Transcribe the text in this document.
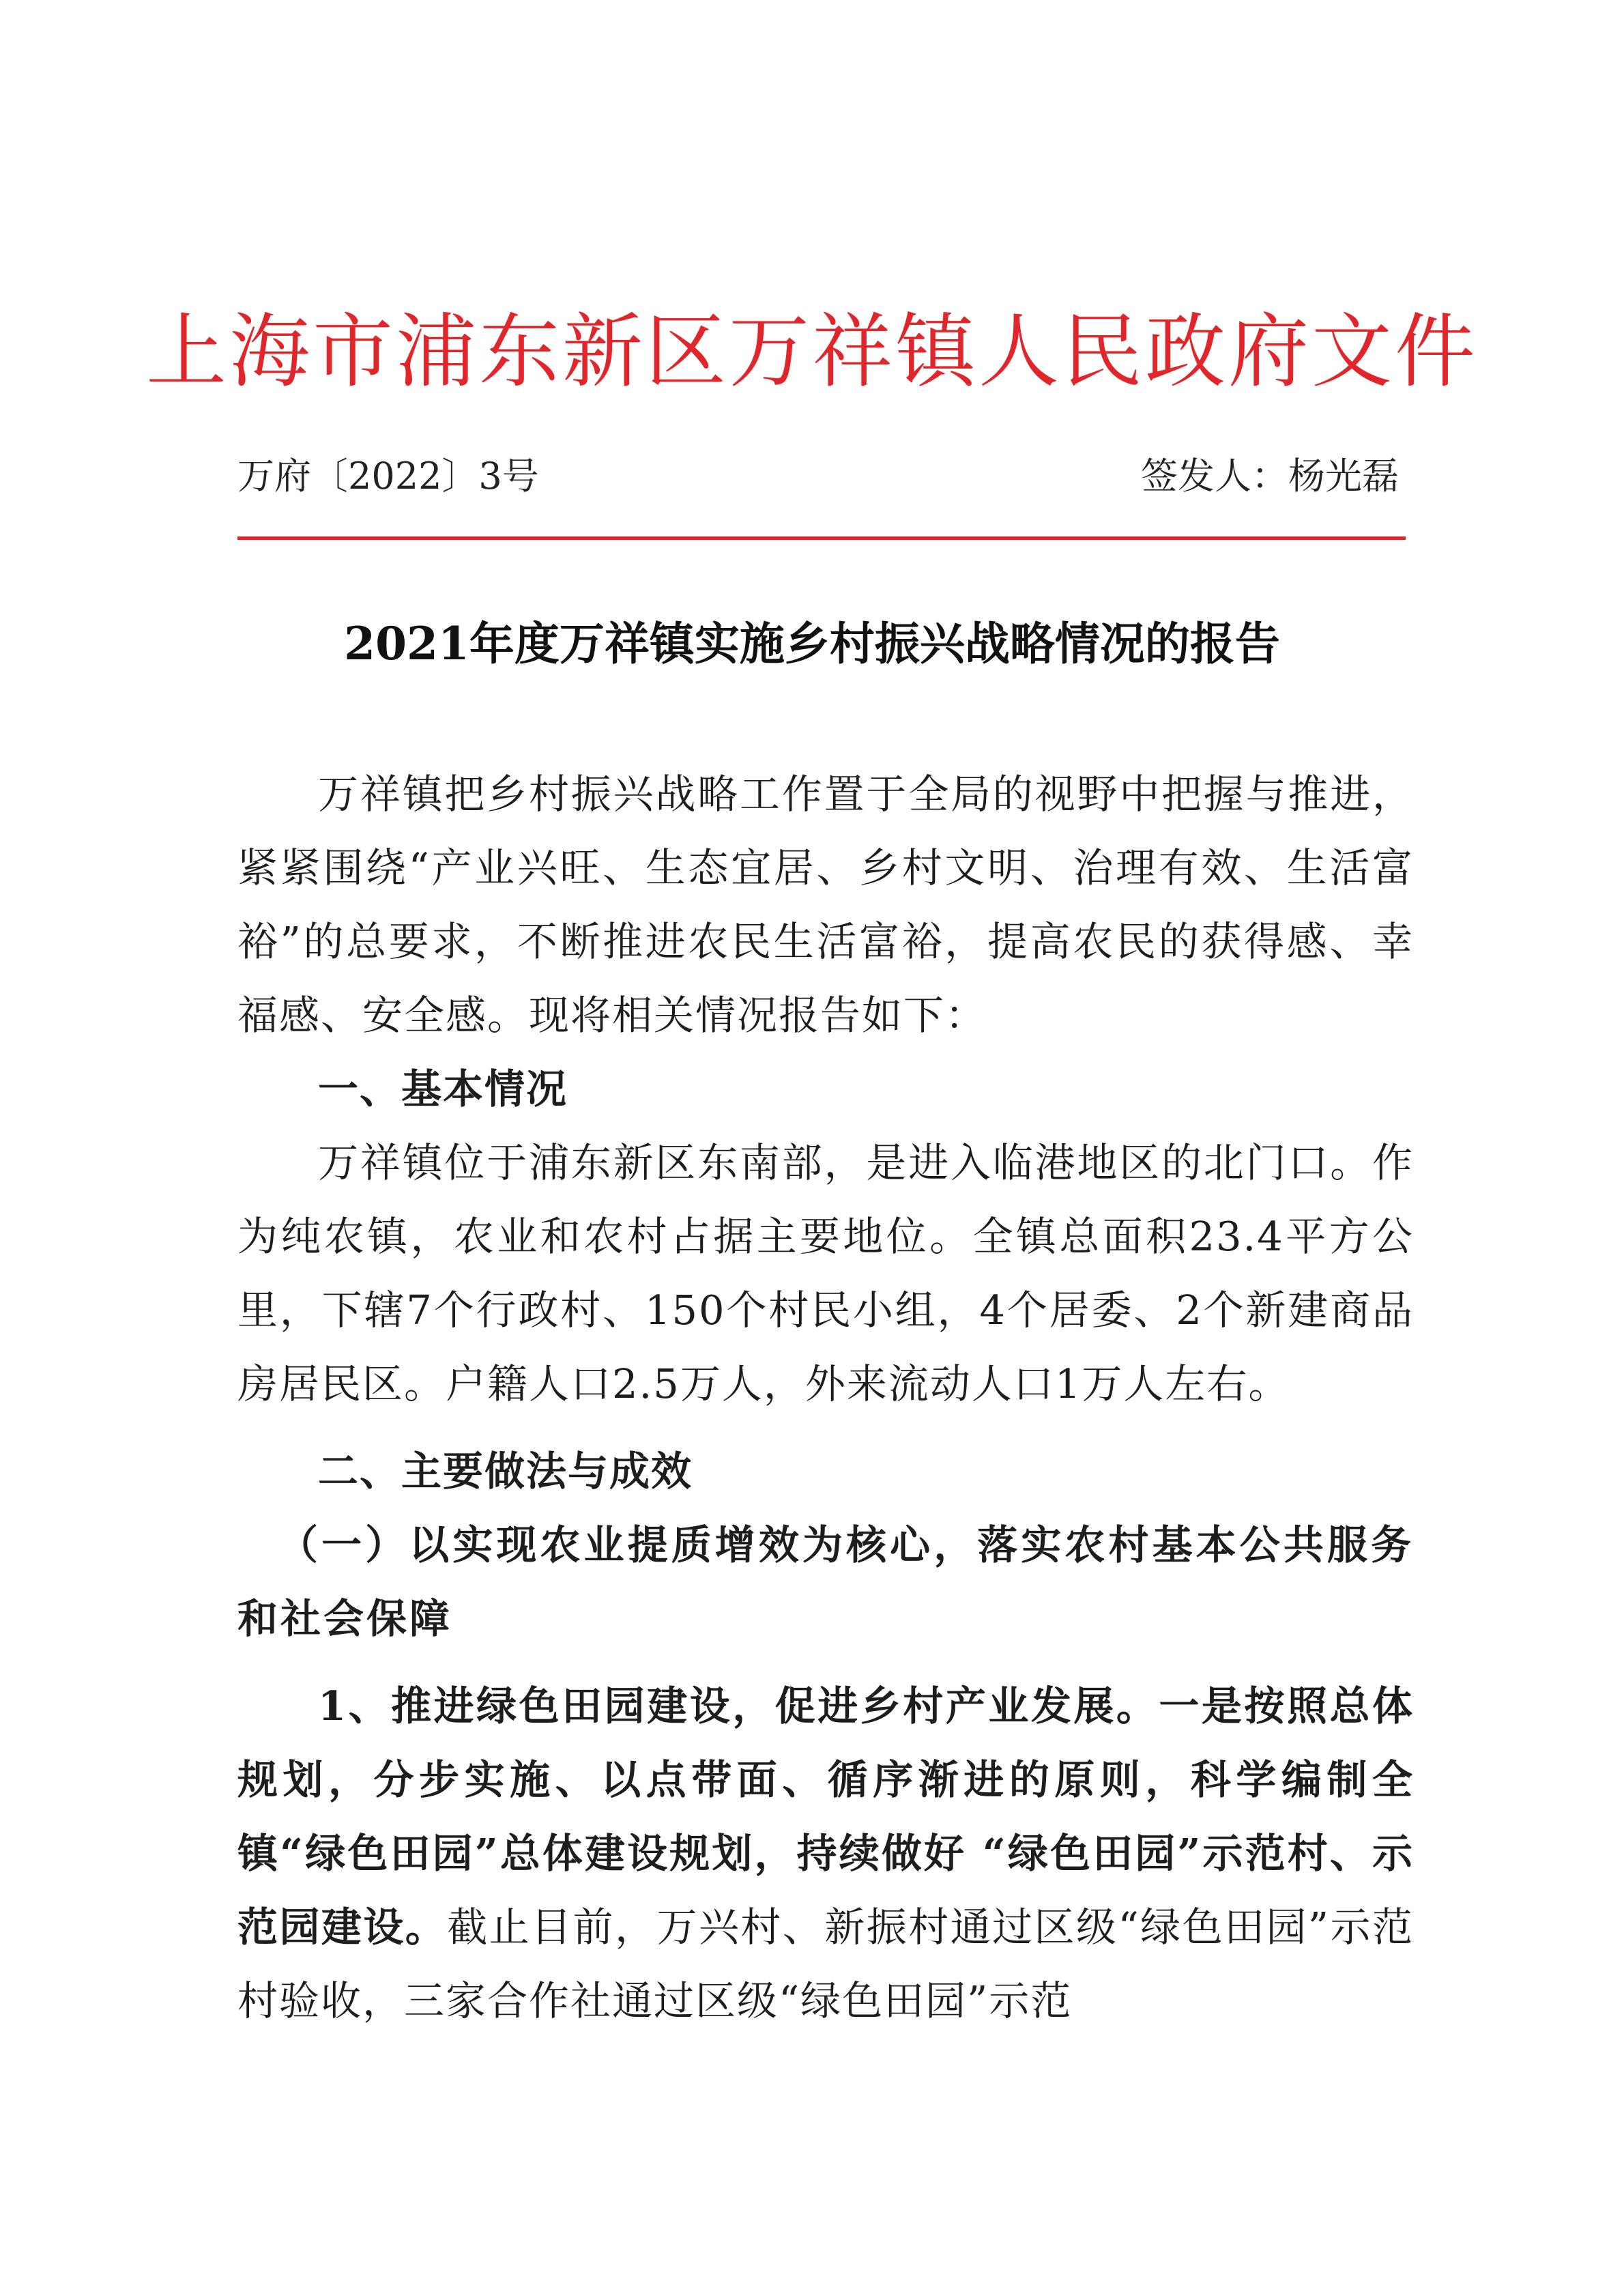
上海市浦东新区万祥镇人民政府文件
万府〔2022〕3号	签发人：杨光磊
2021年度万祥镇实施乡村振兴战略情况的报告

万祥镇把乡村振兴战略工作置于全局的视野中把握与推进，紧紧围绕“产业兴旺、生态宜居、乡村文明、治理有效、生活富裕”的总要求，不断推进农民生活富裕，提高农民的获得感、幸福感、安全感。现将相关情况报告如下：

一、基本情况

万祥镇位于浦东新区东南部，是进入临港地区的北门口。作为纯农镇，农业和农村占据主要地位。全镇总面积23.4平方公里，下辖7个行政村、150个村民小组，4个居委、2个新建商品房居民区。户籍人口2.5万人，外来流动人口1万人左右。

二、主要做法与成效

（一）以实现农业提质增效为核心，落实农村基本公共服务和社会保障

1、推进绿色田园建设，促进乡村产业发展。一是按照总体规划，分步实施、以点带面、循序渐进的原则，科学编制全镇“绿色田园”总体建设规划，持续做好 “绿色田园”示范村、示范园建设。截止目前，万兴村、新振村通过区级“绿色田园”示范村验收，三家合作社通过区级“绿色田园”示范
